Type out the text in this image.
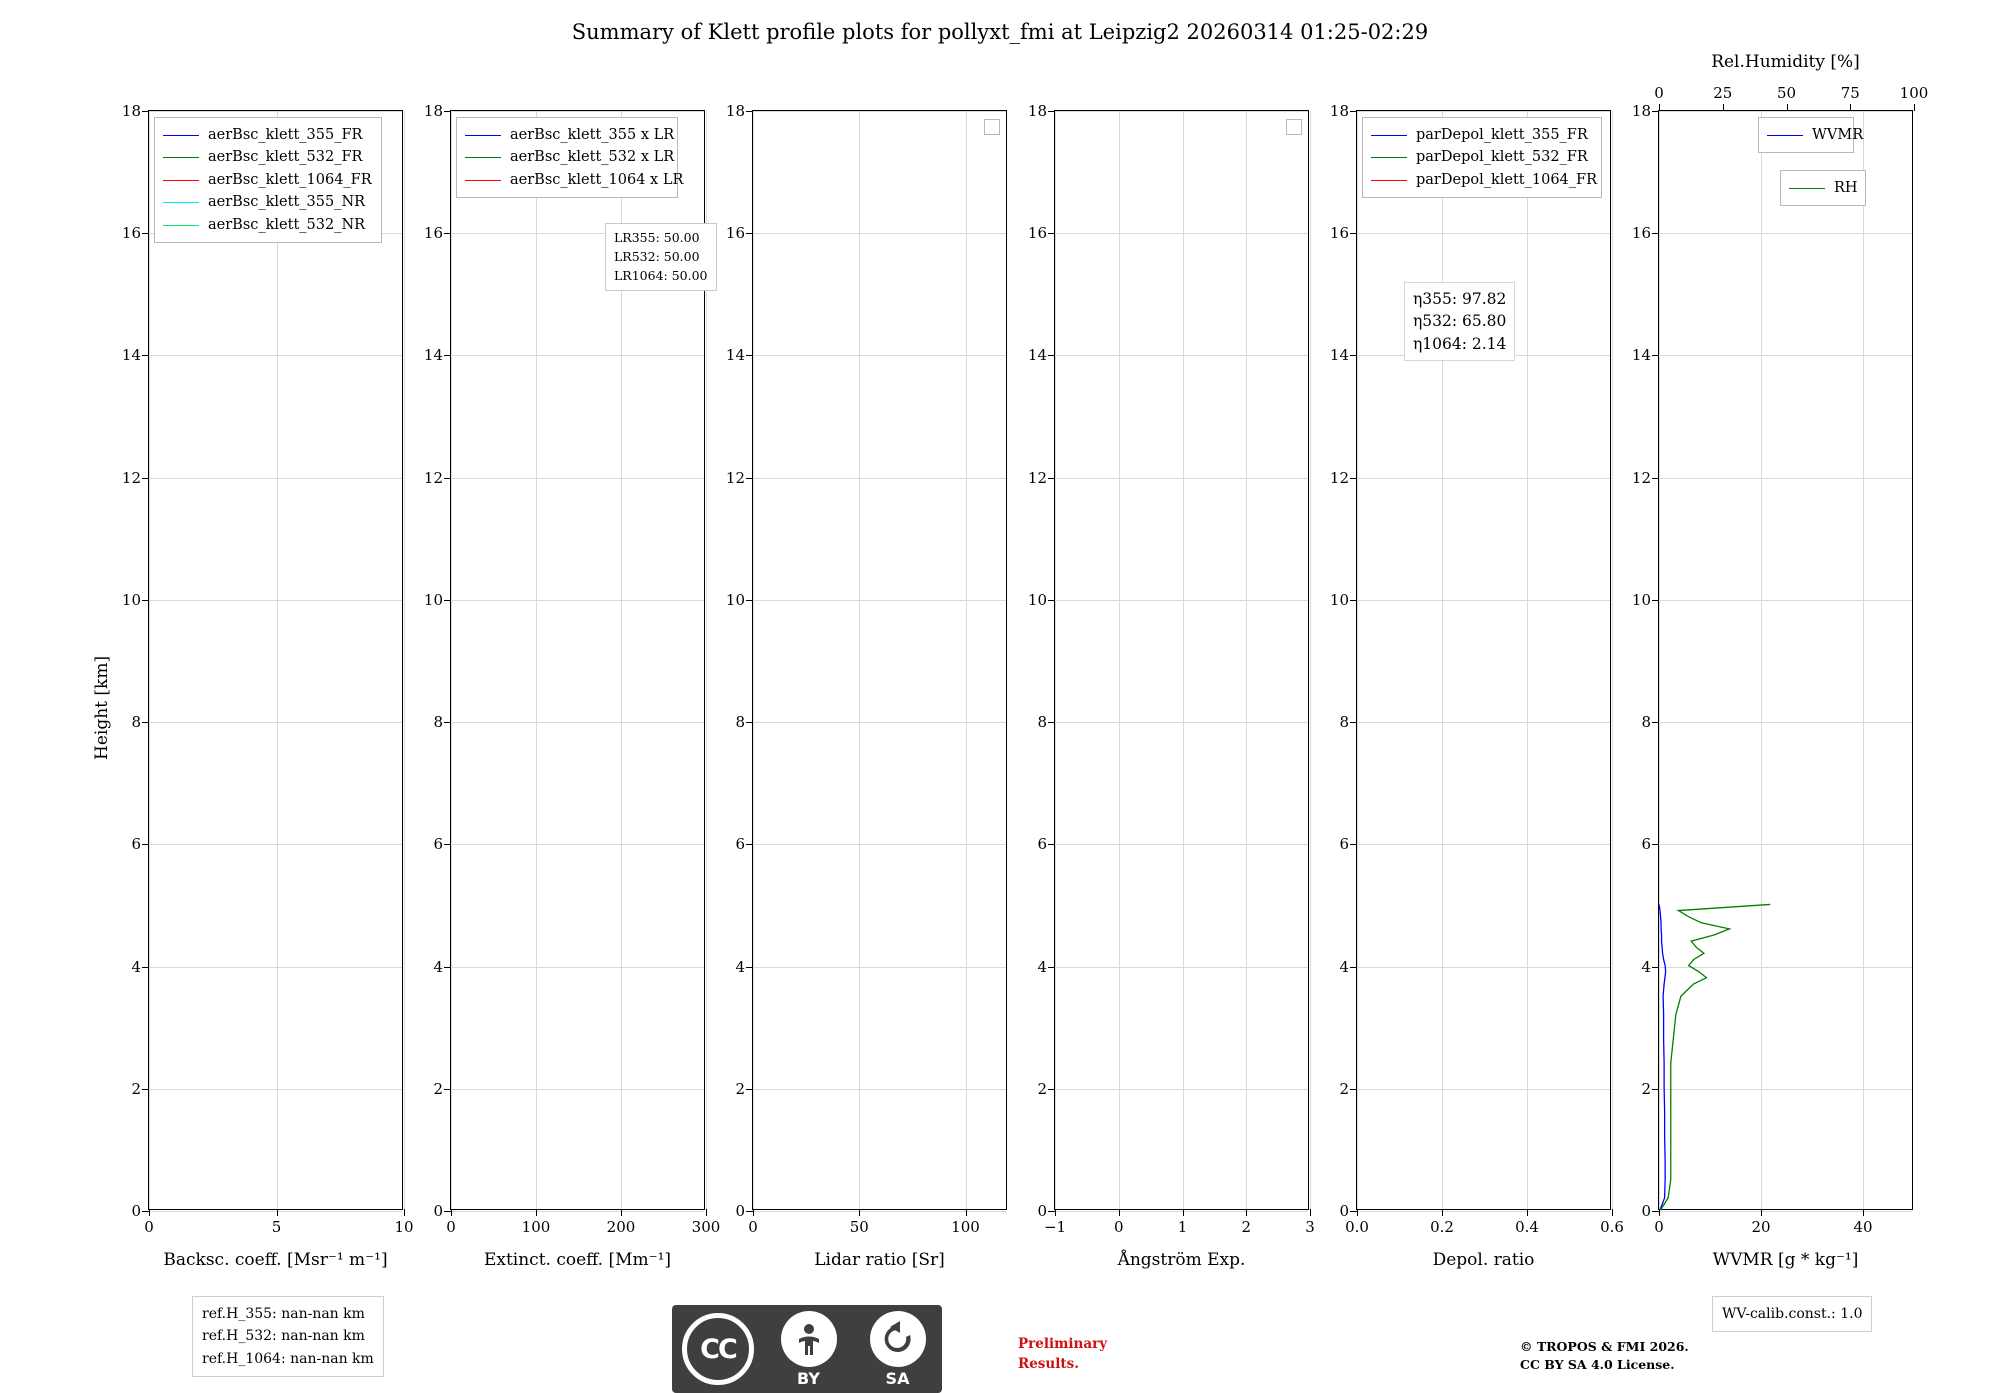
Summary of Klett profile plots for pollyxt_fmi at Leipzig2 20260314 01:25-02:29
Height [km]
0
2
4
6
8
10
12
14
16
18
0	5	10
aerBsc_klett_355_FR
aerBsc_klett_532_FR
aerBsc_klett_1064_FR
aerBsc_klett_355_NR
aerBsc_klett_532_NR
Backsc. coeff. [Msr⁻¹ m⁻¹]
0
2
4
6
8
10
12
14
16
18
0	100	200	300
aerBsc_klett_355 x LR
aerBsc_klett_532 x LR
aerBsc_klett_1064 x LR
LR355: 50.00
LR532: 50.00
LR1064: 50.00
Extinct. coeff. [Mm⁻¹]
0
2
4
6
8
10
12
14
16
18
0	50	100
Lidar ratio [Sr]
0
2
4
6
8
10
12
14
16
18
−1	0	1	2	3
Ångström Exp.
0
2
4
6
8
10
12
14
16
18
0.0	0.2	0.4	0.6
parDepol_klett_355_FR
parDepol_klett_532_FR
parDepol_klett_1064_FR
η355: 97.82
η532: 65.80
η1064: 2.14
Depol. ratio
0
2
4
6
8
10
12
14
16
18
0	20	40
0	25	50	75	100
WVMR
RH
WVMR [g * kg⁻¹]
Rel.Humidity [%]
ref.H_355: nan-nan km
ref.H_532: nan-nan km
ref.H_1064: nan-nan km
WV-calib.const.: 1.0
CC
BY	SA
Preliminary
Results.
© TROPOS & FMI 2026.
CC BY SA 4.0 License.
